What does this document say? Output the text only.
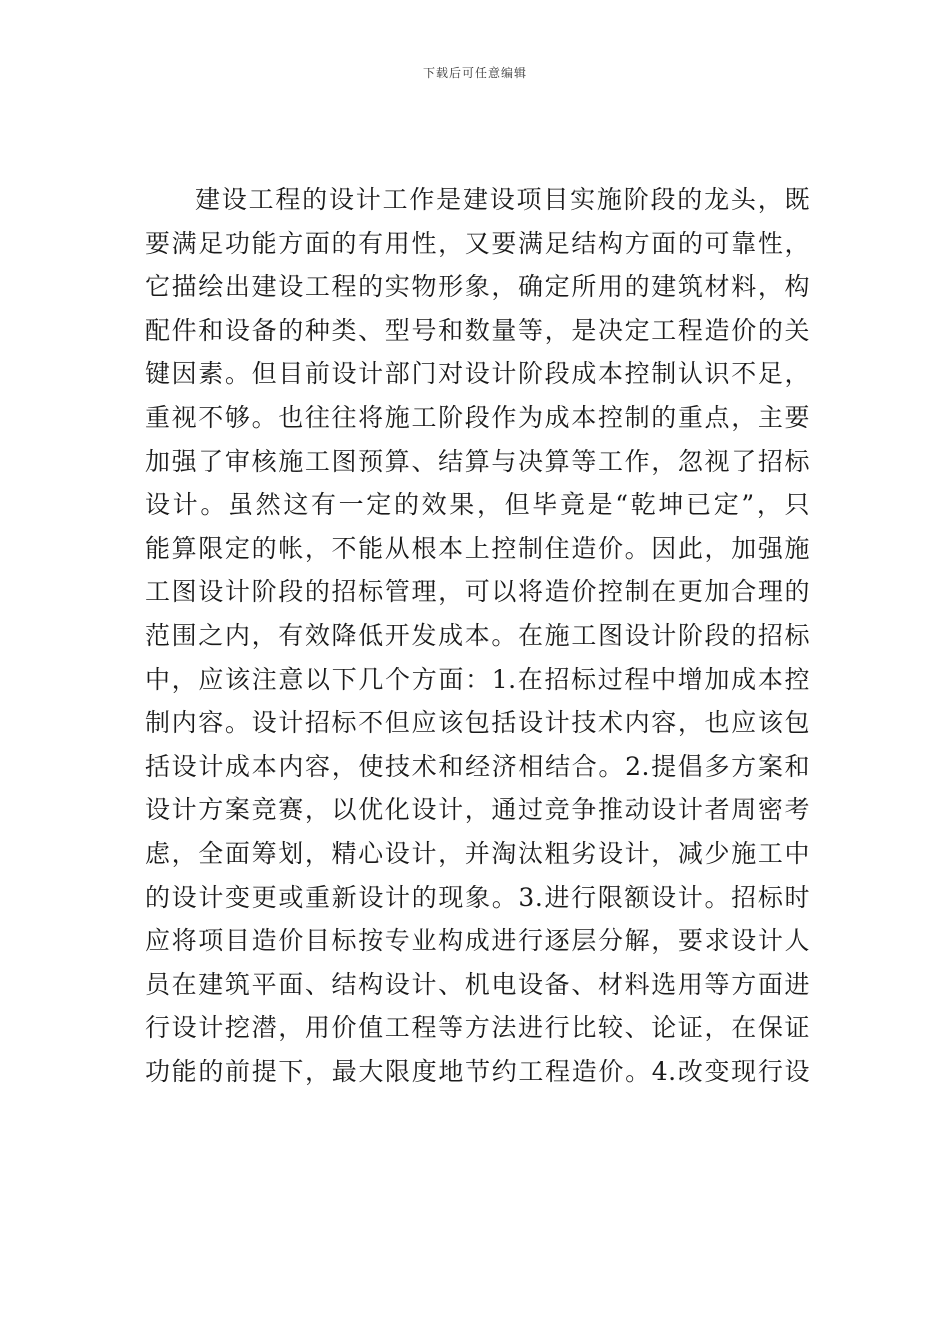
下载后可任意编辑
建设工程的设计工作是建设项目实施阶段的龙头，既
要满足功能方面的有用性，又要满足结构方面的可靠性，
它描绘出建设工程的实物形象，确定所用的建筑材料，构
配件和设备的种类、型号和数量等，是决定工程造价的关
键因素。但目前设计部门对设计阶段成本控制认识不足，
重视不够。也往往将施工阶段作为成本控制的重点，主要
加强了审核施工图预算、结算与决算等工作，忽视了招标
设计。虽然这有一定的效果，但毕竟是“乾坤已定”，只
能算限定的帐，不能从根本上控制住造价。因此，加强施
工图设计阶段的招标管理，可以将造价控制在更加合理的
范围之内，有效降低开发成本。在施工图设计阶段的招标
中，应该注意以下几个方面：1.在招标过程中增加成本控
制内容。设计招标不但应该包括设计技术内容，也应该包
括设计成本内容，使技术和经济相结合。2.提倡多方案和
设计方案竞赛，以优化设计，通过竞争推动设计者周密考
虑，全面筹划，精心设计，并淘汰粗劣设计，减少施工中
的设计变更或重新设计的现象。3.进行限额设计。招标时
应将项目造价目标按专业构成进行逐层分解，要求设计人
员在建筑平面、结构设计、机电设备、材料选用等方面进
行设计挖潜，用价值工程等方法进行比较、论证，在保证
功能的前提下，最大限度地节约工程造价。4.改变现行设
